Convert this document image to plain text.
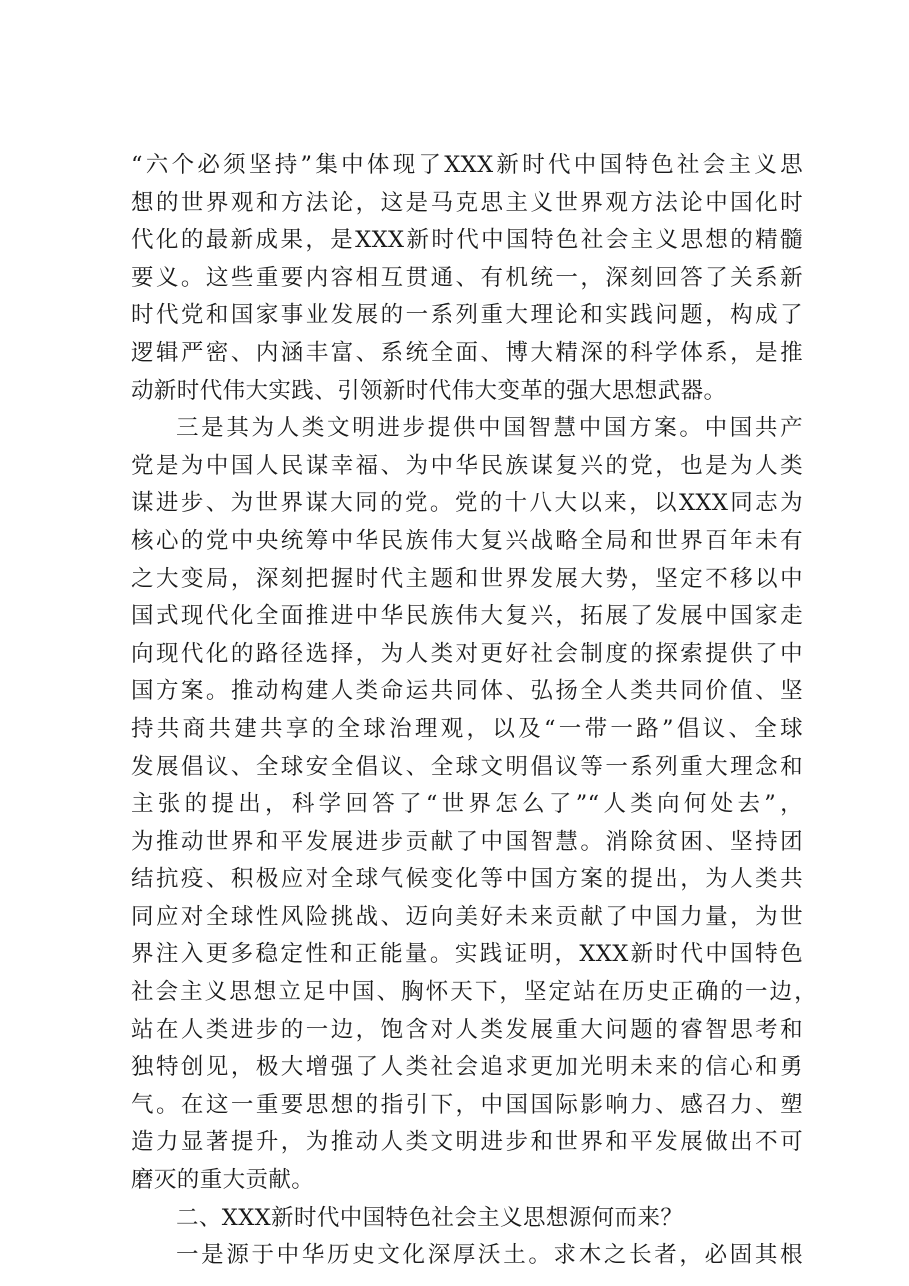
“六个必须坚持”集中体现了XXX新时代中国特色社会主义思
想的世界观和方法论，这是马克思主义世界观方法论中国化时
代化的最新成果，是XXX新时代中国特色社会主义思想的精髓
要义。这些重要内容相互贯通、有机统一，深刻回答了关系新
时代党和国家事业发展的一系列重大理论和实践问题，构成了
逻辑严密、内涵丰富、系统全面、博大精深的科学体系，是推
动新时代伟大实践、引领新时代伟大变革的强大思想武器。
三是其为人类文明进步提供中国智慧中国方案。中国共产
党是为中国人民谋幸福、为中华民族谋复兴的党，也是为人类
谋进步、为世界谋大同的党。党的十八大以来，以XXX同志为
核心的党中央统筹中华民族伟大复兴战略全局和世界百年未有
之大变局，深刻把握时代主题和世界发展大势，坚定不移以中
国式现代化全面推进中华民族伟大复兴，拓展了发展中国家走
向现代化的路径选择，为人类对更好社会制度的探索提供了中
国方案。推动构建人类命运共同体、弘扬全人类共同价值、坚
持共商共建共享的全球治理观，以及“一带一路”倡议、全球
发展倡议、全球安全倡议、全球文明倡议等一系列重大理念和
主张的提出，科学回答了“世界怎么了”“人类向何处去”，
为推动世界和平发展进步贡献了中国智慧。消除贫困、坚持团
结抗疫、积极应对全球气候变化等中国方案的提出，为人类共
同应对全球性风险挑战、迈向美好未来贡献了中国力量，为世
界注入更多稳定性和正能量。实践证明，XXX新时代中国特色
社会主义思想立足中国、胸怀天下，坚定站在历史正确的一边，
站在人类进步的一边，饱含对人类发展重大问题的睿智思考和
独特创见，极大增强了人类社会追求更加光明未来的信心和勇
气。在这一重要思想的指引下，中国国际影响力、感召力、塑
造力显著提升，为推动人类文明进步和世界和平发展做出不可
磨灭的重大贡献。
二、XXX新时代中国特色社会主义思想源何而来？
一是源于中华历史文化深厚沃土。求木之长者，必固其根
